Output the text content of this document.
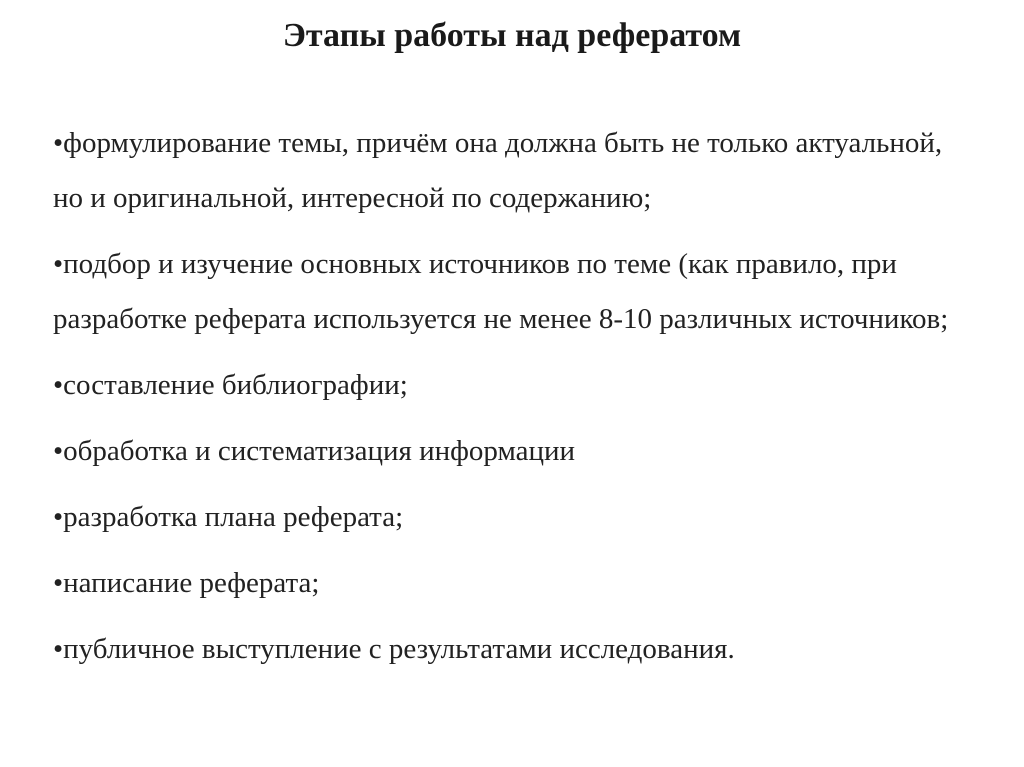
Этапы работы над рефератом
•формулирование темы, причём она должна быть не только актуальной, но и оригинальной, интересной по содержанию;
•подбор и изучение основных источников по теме (как правило, при разработке реферата используется не менее 8-10 различных источников;
•составление библиографии;
•обработка и систематизация информации
•разработка плана реферата;
•написание реферата;
•публичное выступление с результатами исследования.
